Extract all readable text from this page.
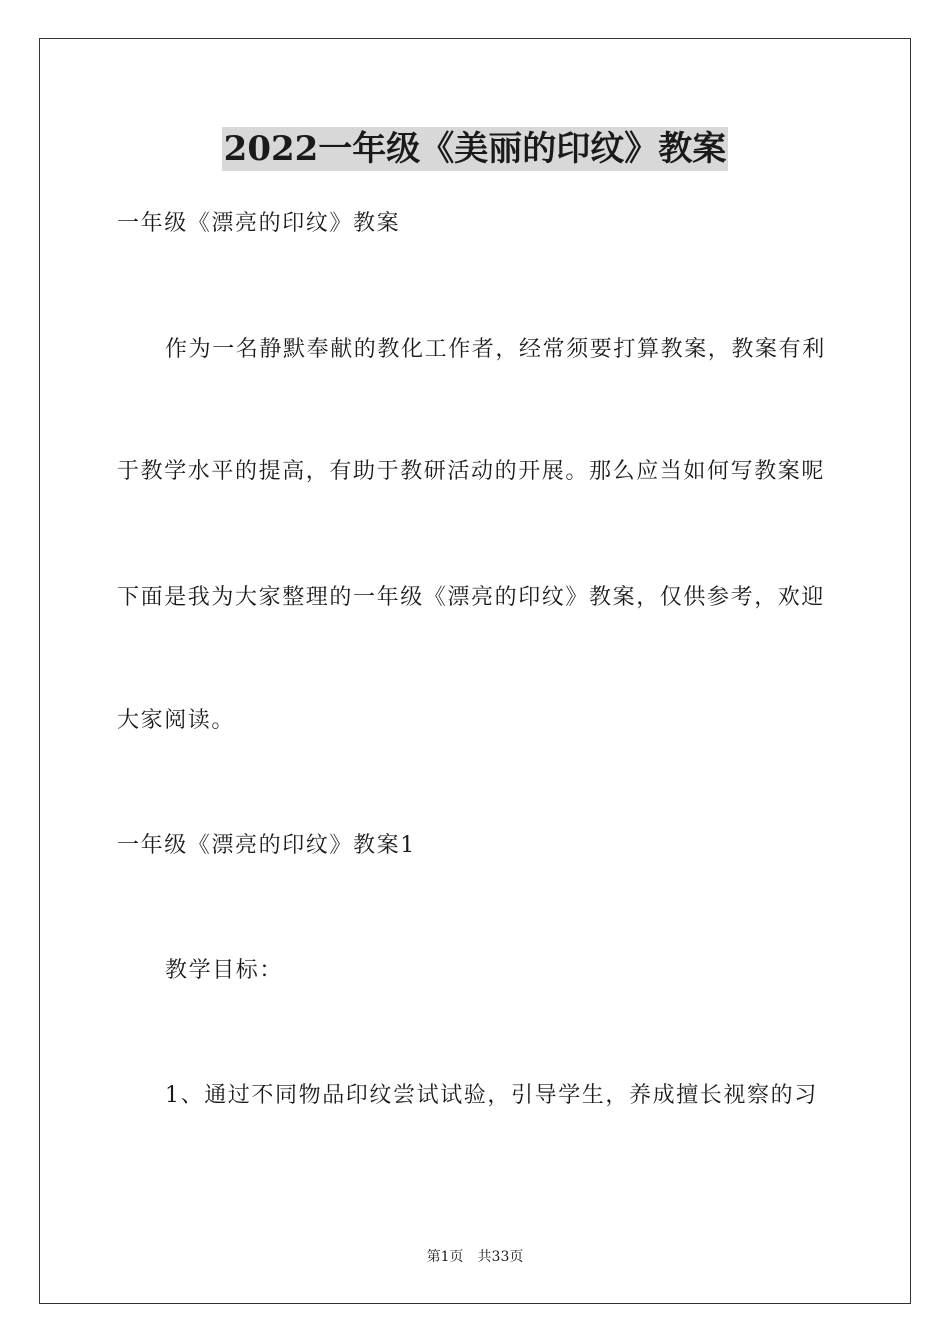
2022一年级《美丽的印纹》教案
一年级《漂亮的印纹》教案
作为一名静默奉献的教化工作者，经常须要打算教案，教案有利
于教学水平的提高，有助于教研活动的开展。那么应当如何写教案呢
下面是我为大家整理的一年级《漂亮的印纹》教案，仅供参考，欢迎
大家阅读。
一年级《漂亮的印纹》教案1
教学目标：
1、通过不同物品印纹尝试试验，引导学生，养成擅长视察的习
第1页 共33页
